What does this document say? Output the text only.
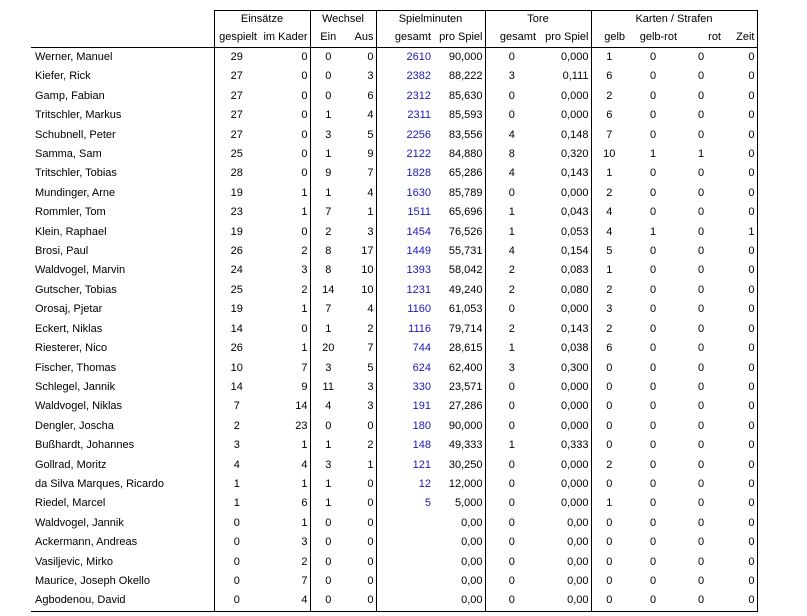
	Einsätze		Wechsel		Spielminuten		Tore		Karten / Strafen			
	gespielt	im Kader	Ein	Aus	gesamt	pro Spiel	gesamt	pro Spiel	gelb	gelb-rot	rot	Zeit
Werner, Manuel	29	0	0	0	2610	90,000	0	0,000	1	0	0	0
Kiefer, Rick	27	0	0	3	2382	88,222	3	0,111	6	0	0	0
Gamp, Fabian	27	0	0	6	2312	85,630	0	0,000	2	0	0	0
Tritschler, Markus	27	0	1	4	2311	85,593	0	0,000	6	0	0	0
Schubnell, Peter	27	0	3	5	2256	83,556	4	0,148	7	0	0	0
Samma, Sam	25	0	1	9	2122	84,880	8	0,320	10	1	1	0
Tritschler, Tobias	28	0	9	7	1828	65,286	4	0,143	1	0	0	0
Mundinger, Arne	19	1	1	4	1630	85,789	0	0,000	2	0	0	0
Rommler, Tom	23	1	7	1	1511	65,696	1	0,043	4	0	0	0
Klein, Raphael	19	0	2	3	1454	76,526	1	0,053	4	1	0	1
Brosi, Paul	26	2	8	17	1449	55,731	4	0,154	5	0	0	0
Waldvogel, Marvin	24	3	8	10	1393	58,042	2	0,083	1	0	0	0
Gutscher, Tobias	25	2	14	10	1231	49,240	2	0,080	2	0	0	0
Orosaj, Pjetar	19	1	7	4	1160	61,053	0	0,000	3	0	0	0
Eckert, Niklas	14	0	1	2	1116	79,714	2	0,143	2	0	0	0
Riesterer, Nico	26	1	20	7	744	28,615	1	0,038	6	0	0	0
Fischer, Thomas	10	7	3	5	624	62,400	3	0,300	0	0	0	0
Schlegel, Jannik	14	9	11	3	330	23,571	0	0,000	0	0	0	0
Waldvogel, Niklas	7	14	4	3	191	27,286	0	0,000	0	0	0	0
Dengler, Joscha	2	23	0	0	180	90,000	0	0,000	0	0	0	0
Bußhardt, Johannes	3	1	1	2	148	49,333	1	0,333	0	0	0	0
Gollrad, Moritz	4	4	3	1	121	30,250	0	0,000	2	0	0	0
da Silva Marques, Ricardo	1	1	1	0	12	12,000	0	0,000	0	0	0	0
Riedel, Marcel	1	6	1	0	5	5,000	0	0,000	1	0	0	0
Waldvogel, Jannik	0	1	0	0		0,00	0	0,00	0	0	0	0
Ackermann, Andreas	0	3	0	0		0,00	0	0,00	0	0	0	0
Vasiljevic, Mirko	0	2	0	0		0,00	0	0,00	0	0	0	0
Maurice, Joseph Okello	0	7	0	0		0,00	0	0,00	0	0	0	0
Agbodenou, David	0	4	0	0		0,00	0	0,00	0	0	0	0
